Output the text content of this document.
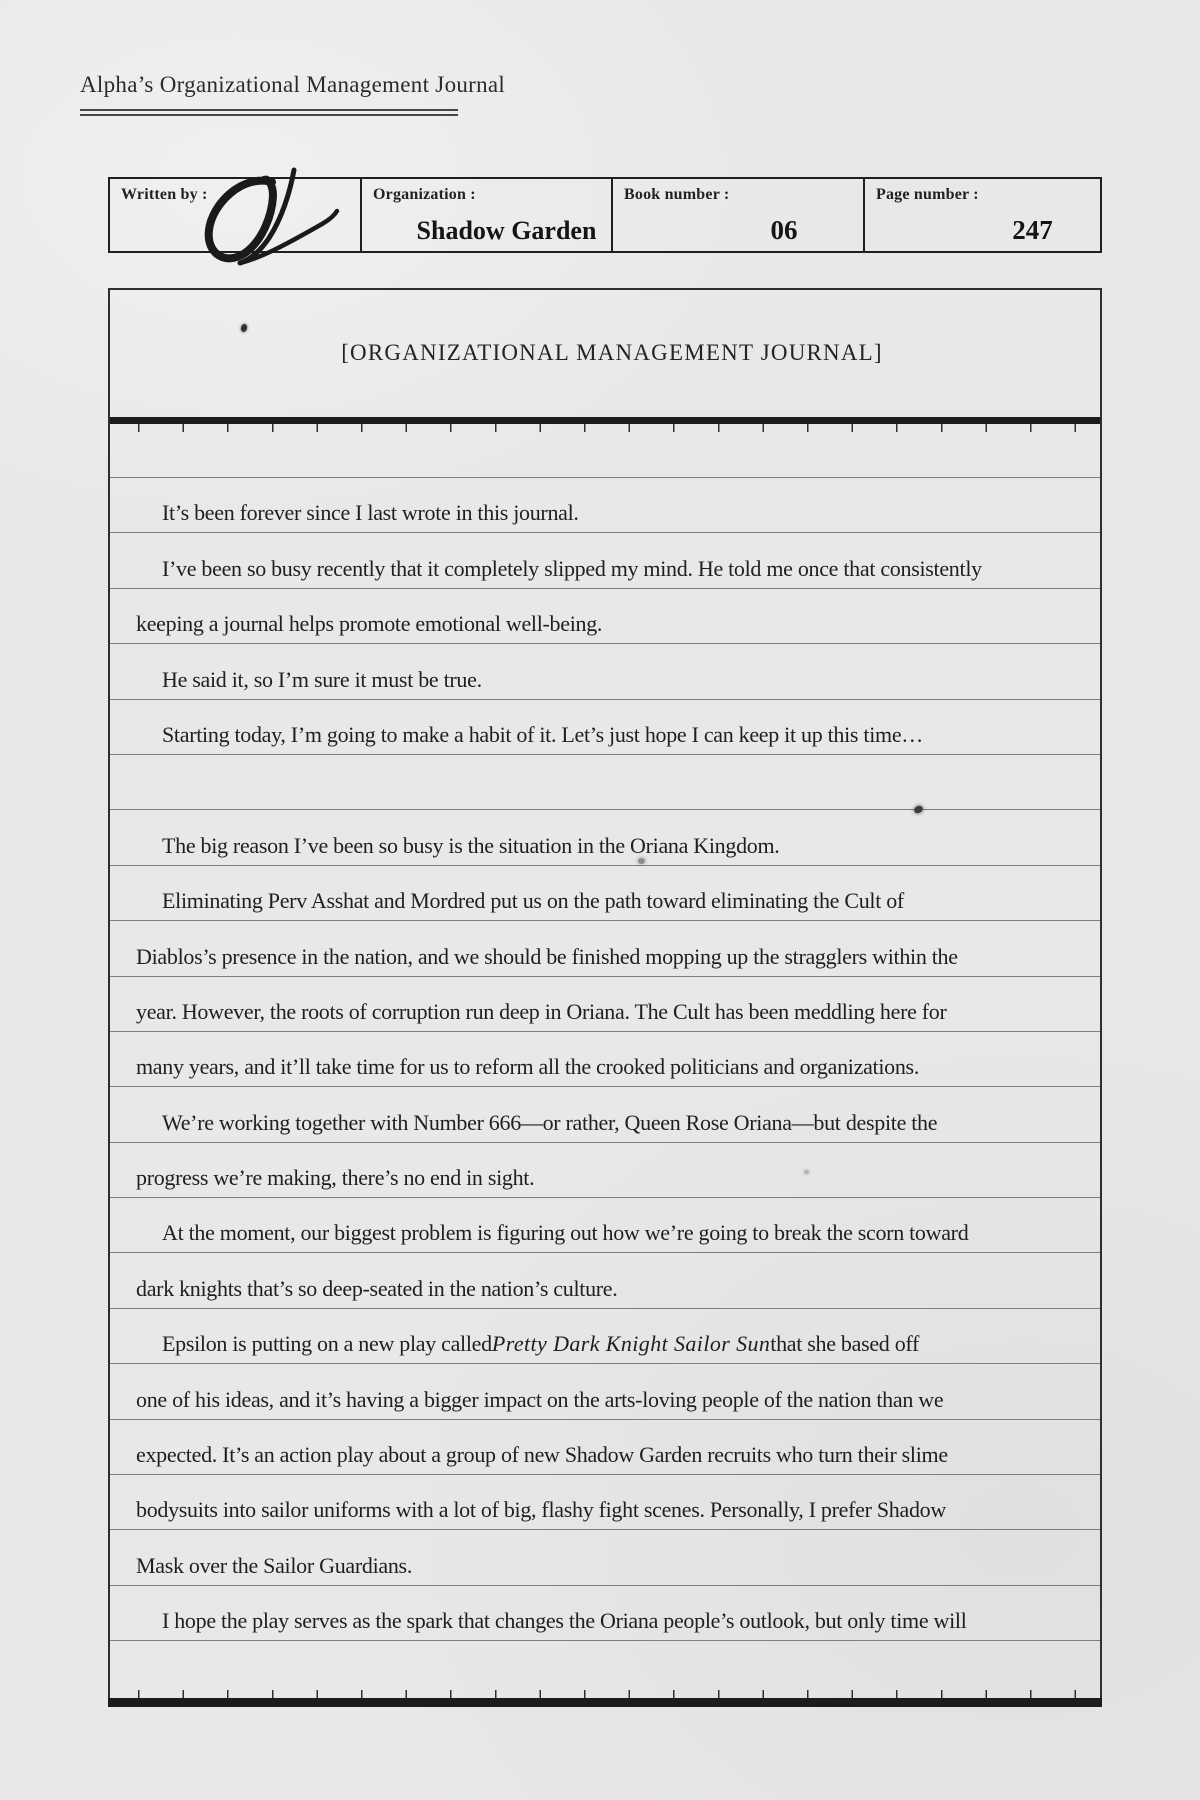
Alpha’s Organizational Management Journal
Written by :	Organization :
Shadow Garden
Book number :
06
Page number :
247
[ORGANIZATIONAL MANAGEMENT JOURNAL]
It’s been forever since I last wrote in this journal.
I’ve been so busy recently that it completely slipped my mind. He told me once that consistently
keeping a journal helps promote emotional well-being.
He said it, so I’m sure it must be true.
Starting today, I’m going to make a habit of it. Let’s just hope I can keep it up this time…
The big reason I’ve been so busy is the situation in the Oriana Kingdom.
Eliminating Perv Asshat and Mordred put us on the path toward eliminating the Cult of
Diablos’s presence in the nation, and we should be finished mopping up the stragglers within the
year. However, the roots of corruption run deep in Oriana. The Cult has been meddling here for
many years, and it’ll take time for us to reform all the crooked politicians and organizations.
We’re working together with Number 666—or rather, Queen Rose Oriana—but despite the
progress we’re making, there’s no end in sight.
At the moment, our biggest problem is figuring out how we’re going to break the scorn toward
dark knights that’s so deep-seated in the nation’s culture.
Epsilon is putting on a new play called Pretty Dark Knight Sailor Sun that she based off
one of his ideas, and it’s having a bigger impact on the arts-loving people of the nation than we
expected. It’s an action play about a group of new Shadow Garden recruits who turn their slime
bodysuits into sailor uniforms with a lot of big, flashy fight scenes. Personally, I prefer Shadow
Mask over the Sailor Guardians.
I hope the play serves as the spark that changes the Oriana people’s outlook, but only time will
